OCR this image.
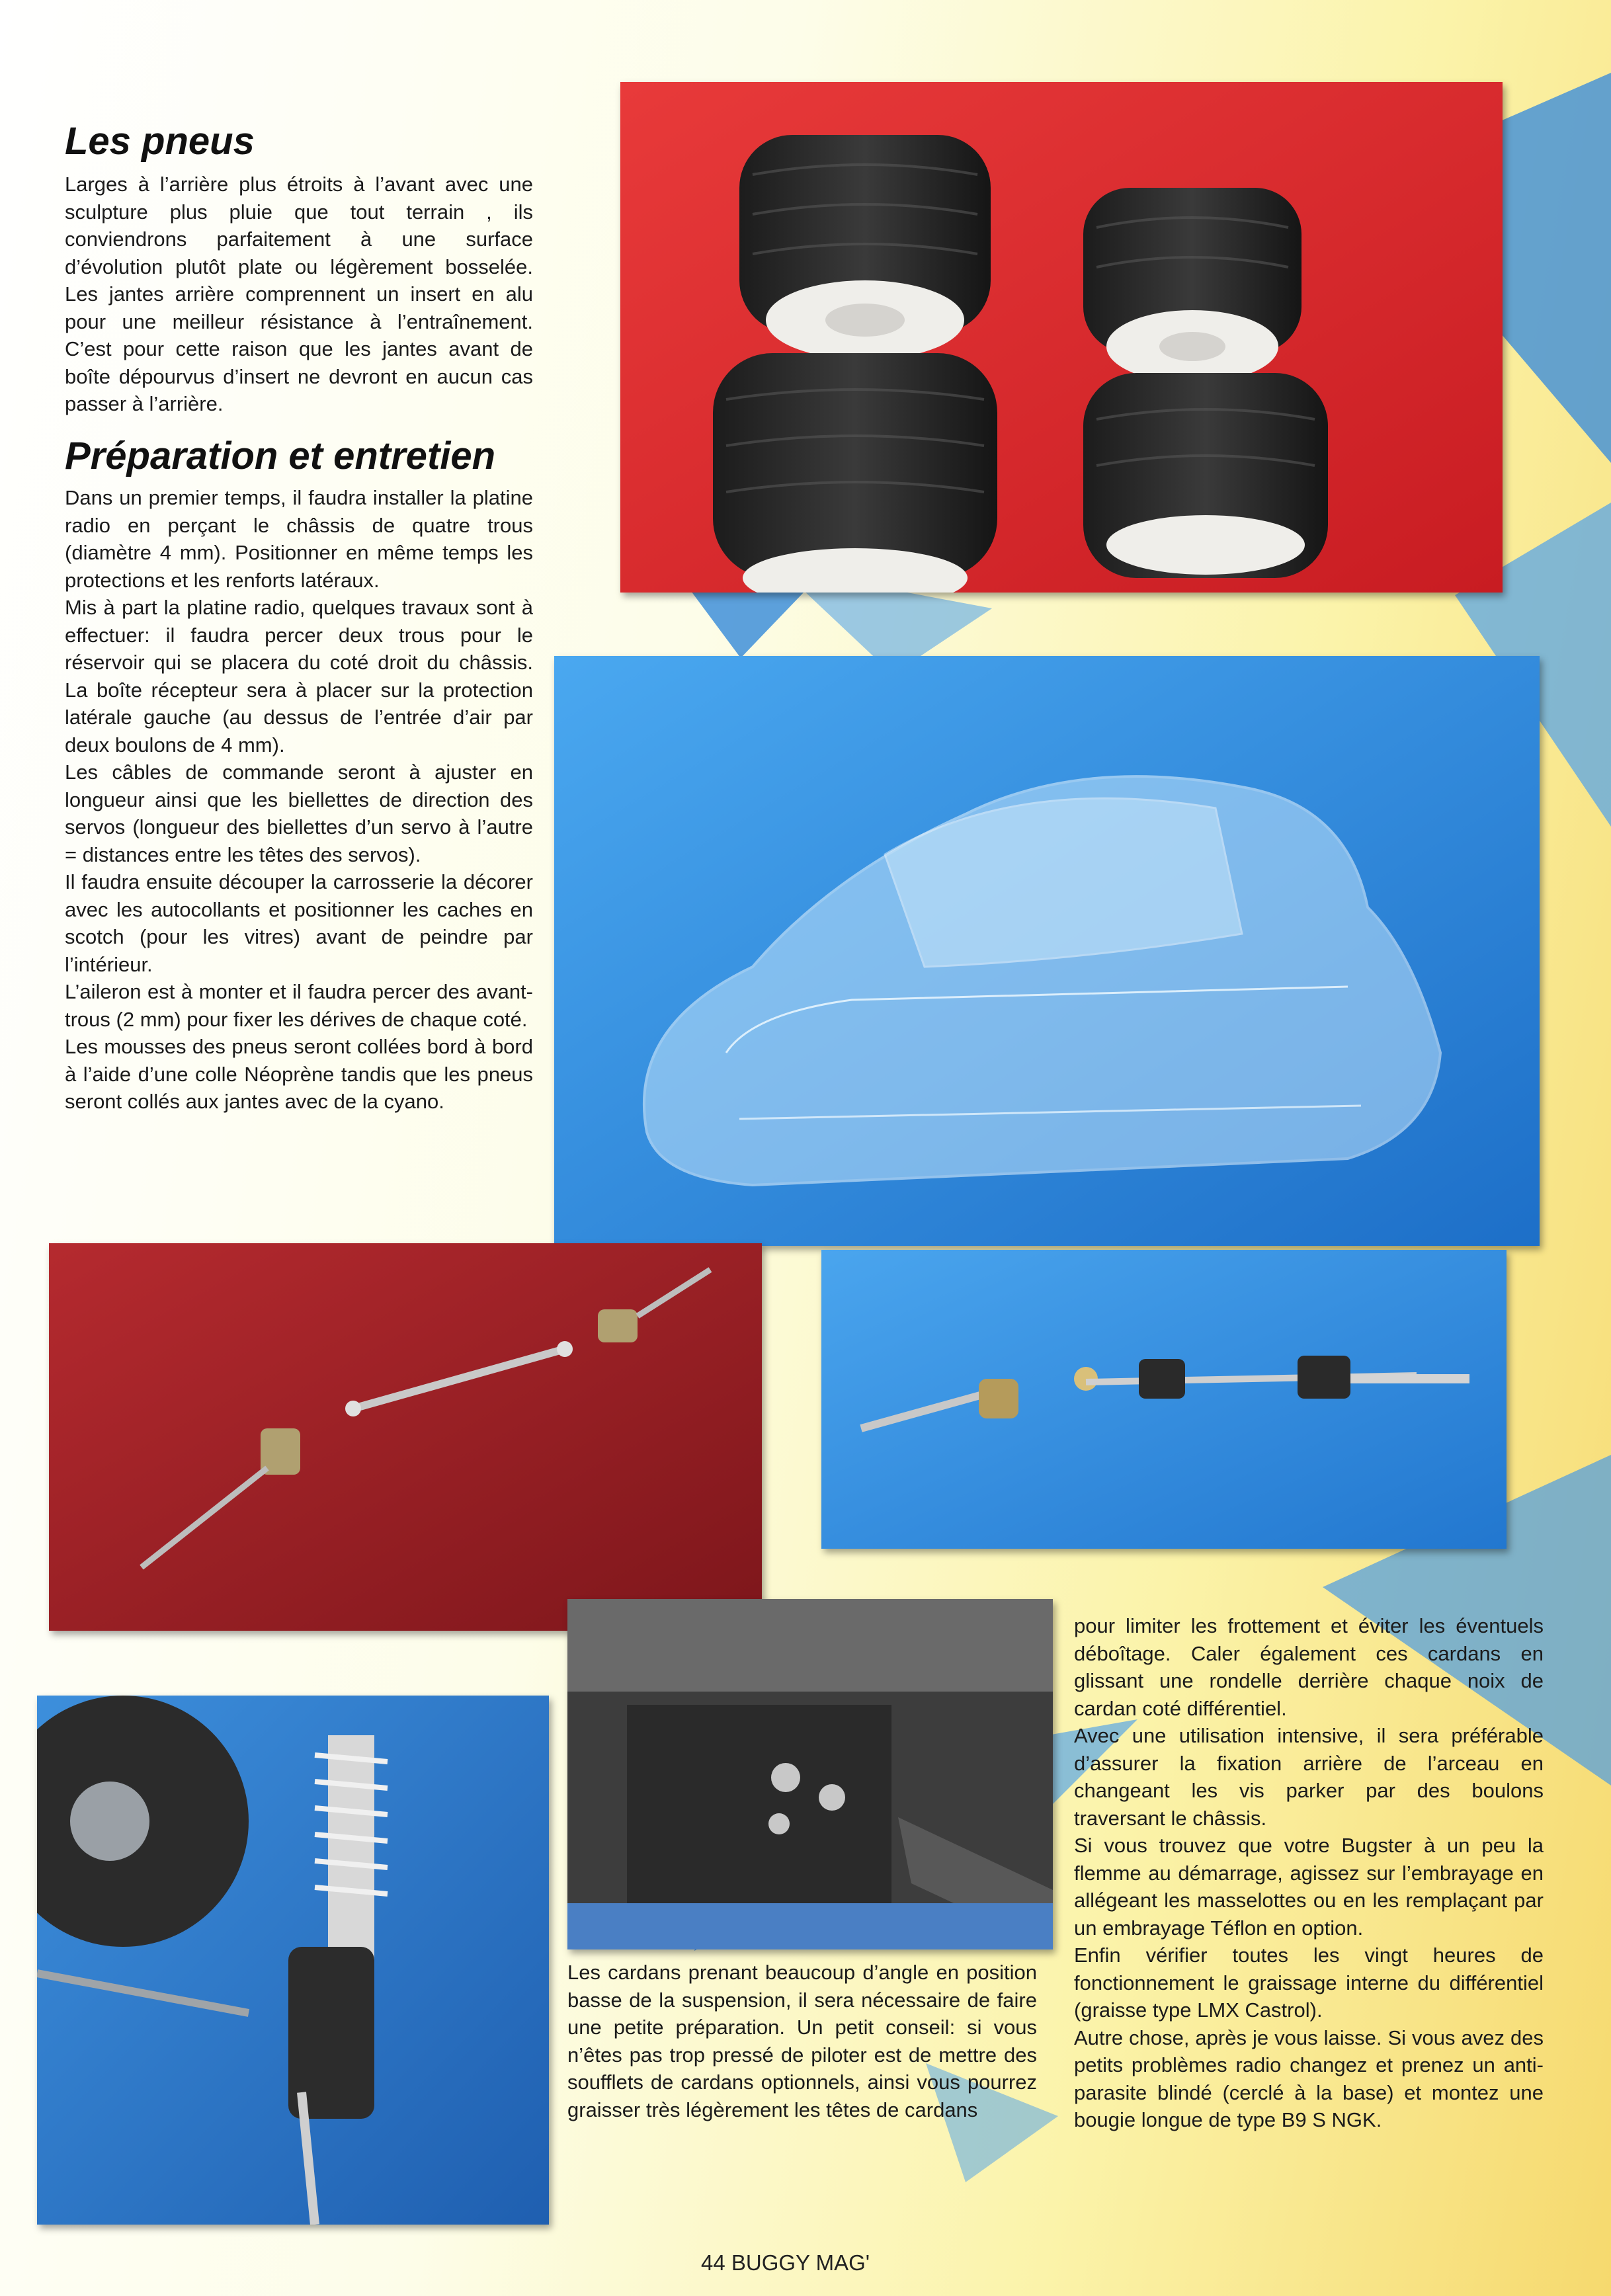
Les pneus

Larges à l’arrière plus étroits à l’avant avec une sculpture plus pluie que tout terrain , ils conviendrons parfaitement à une surface d’évolution plutôt plate ou légèrement bosselée. Les jantes arrière comprennent un insert en alu pour une meilleur résistance à l’entraînement. C’est pour cette raison que les jantes avant de boîte dépourvus d’insert ne devront en aucun cas passer à l’arrière.

Préparation et entretien

Dans un premier temps, il faudra installer la platine radio en perçant le châssis de quatre trous (diamètre 4 mm). Positionner en même temps les protections et les renforts latéraux.

Mis à part la platine radio, quelques travaux sont à effectuer: il faudra percer deux trous pour le réservoir qui se placera du coté droit du châssis. La boîte récepteur sera à placer sur la protection latérale gauche (au dessus de l’entrée d’air par deux boulons de 4 mm).

Les câbles de commande seront à ajuster en longueur ainsi que les biellettes de direction des servos (longueur des biellettes d’un servo à l’autre = distances entre les têtes des servos).

Il faudra ensuite découper la carrosserie la décorer avec les autocollants et positionner les caches en scotch (pour les vitres) avant de peindre par l’intérieur.

L’aileron est à monter et il faudra percer des avant-trous (2 mm) pour fixer les dérives de chaque coté.

Les mousses des pneus seront collées bord à bord à l’aide d’une colle Néoprène tandis que les pneus seront collés aux jantes avec de la cyano.

Les cardans prenant beaucoup d’angle en position basse de la suspension, il sera nécessaire de faire une petite préparation. Un petit conseil: si vous n’êtes pas trop pressé de piloter est de mettre des soufflets de cardans optionnels, ainsi vous pourrez graisser très légèrement les têtes de cardans

pour limiter les frottement et éviter les éventuels déboîtage. Caler également ces cardans en glissant une rondelle derrière chaque noix de cardan coté différentiel.

Avec une utilisation intensive, il sera préférable d’assurer la fixation arrière de l’arceau en changeant les vis parker par des boulons traversant le châssis.

Si vous trouvez que votre Bugster à un peu la flemme au démarrage, agissez sur l’embrayage en allégeant les masselottes ou en les remplaçant par un embrayage Téflon en option.

Enfin vérifier toutes les vingt heures de fonctionnement le graissage interne du différentiel (graisse type LMX Castrol).

Autre chose, après je vous laisse. Si vous avez des petits problèmes radio changez et prenez un anti-parasite blindé (cerclé à la base) et montez une bougie longue de type B9 S NGK.

44 BUGGY MAG'
